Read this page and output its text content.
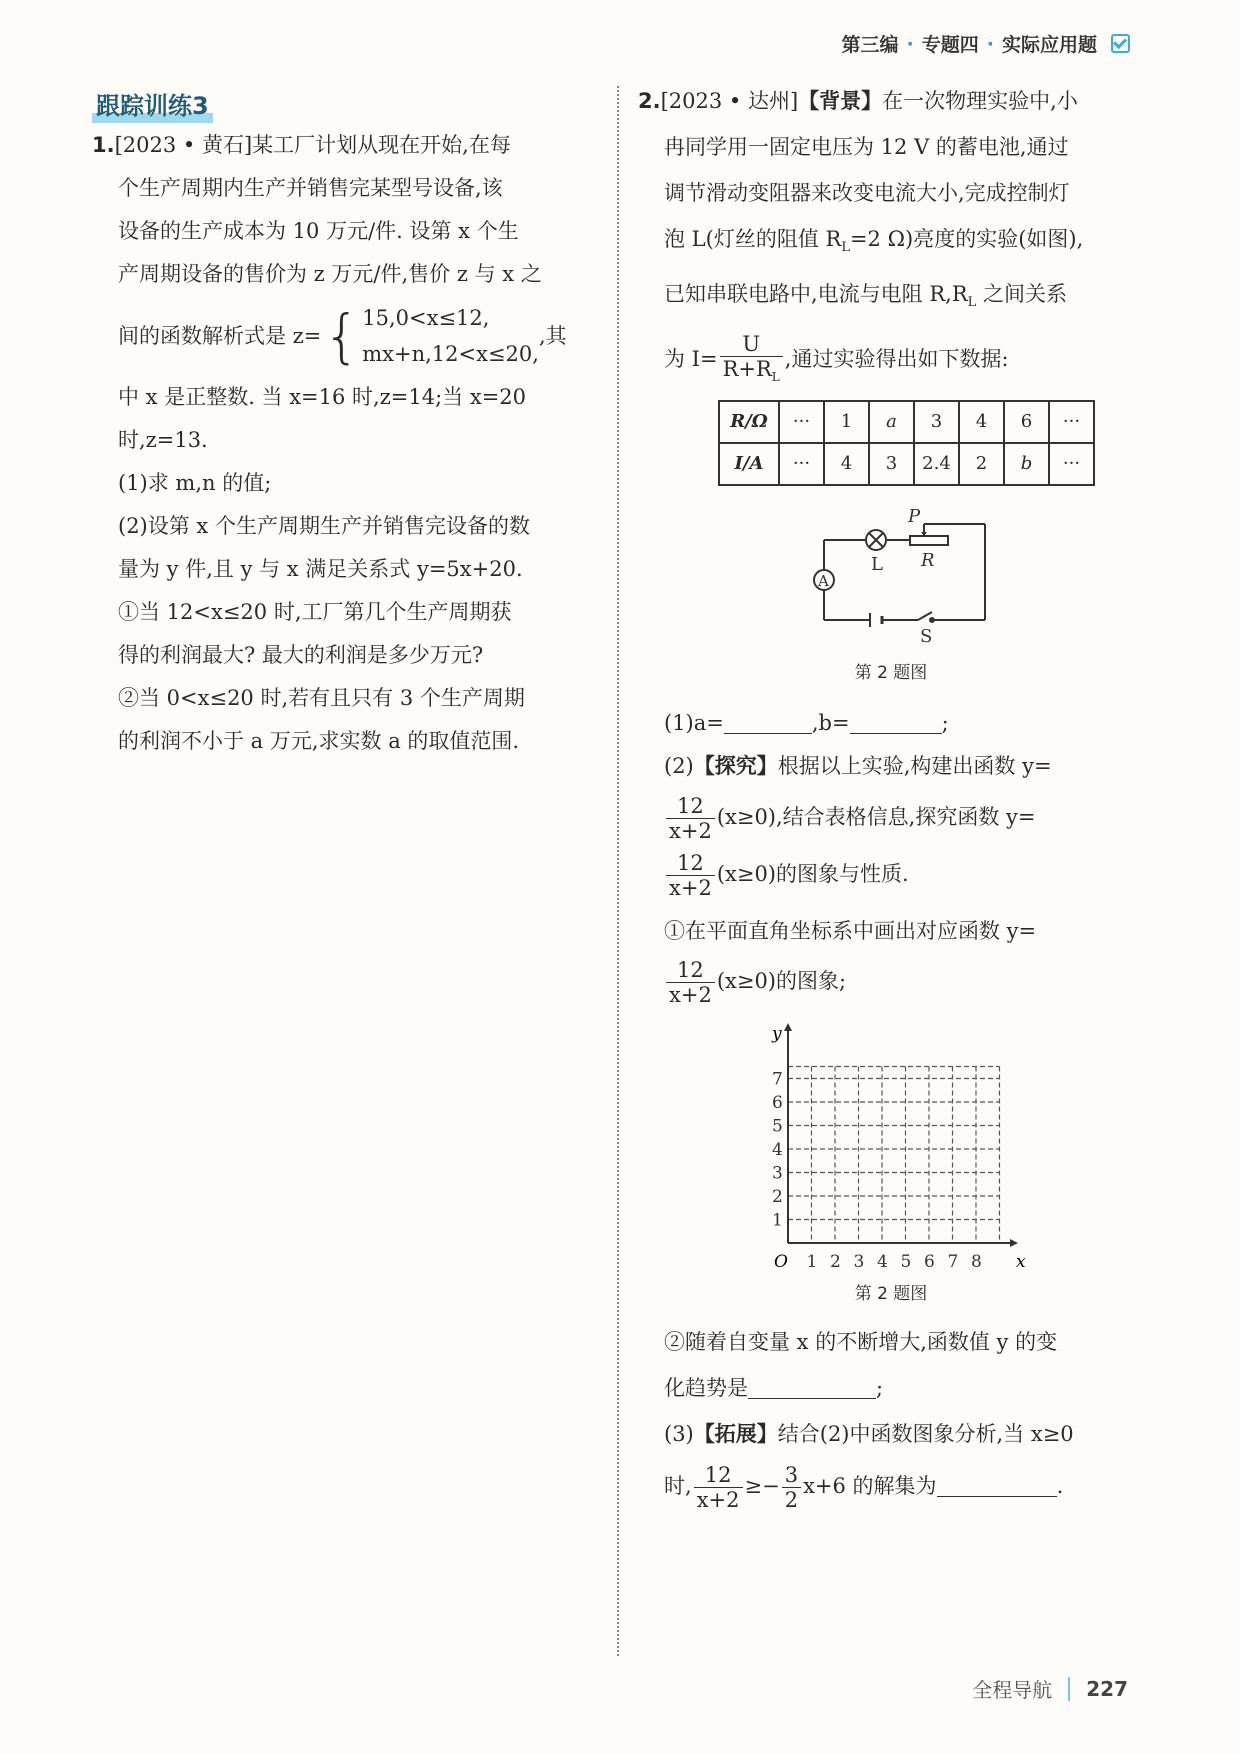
第三编 · 专题四 · 实际应用题
跟踪训练3

1.[2023 • 黄石]某工厂计划从现在开始,在每

个生产周期内生产并销售完某型号设备,该

设备的生产成本为 10 万元/件. 设第 x 个生

产周期设备的售价为 z 万元/件,售价 z 与 x 之

间的函数解析式是 z= { 15,0<x≤12,
mx+n,12<x≤20,
,其

中 x 是正整数. 当 x=16 时,z=14;当 x=20

时,z=13.

(1)求 m,n 的值;

(2)设第 x 个生产周期生产并销售完设备的数

量为 y 件,且 y 与 x 满足关系式 y=5x+20.

①当 12<x≤20 时,工厂第几个生产周期获

得的利润最大? 最大的利润是多少万元?

②当 0<x≤20 时,若有且只有 3 个生产周期

的利润不小于 a 万元,求实数 a 的取值范围.

2.[2023 • 达州]【背景】在一次物理实验中,小

冉同学用一固定电压为 12 V 的蓄电池,通过

调节滑动变阻器来改变电流大小,完成控制灯

泡 L(灯丝的阻值 $R_L=2$ Ω)亮度的实验(如图),

已知串联电路中,电流与电阻 $R,R_L$ 之间关系

为 $I= \frac{U}{R+R_L}$ ,通过实验得出如下数据:

R/Ω	···	1	a	3	4	6	···
I/A	···	4	3	2.4	2	b	···
L
P
R
A
S
第 2 题图

(1)a=	,b=	;

(2)【探究】根据以上实验,构建出函数 y=

$\frac{12}{x+2} (x\ge 0)$,结合表格信息,探究函数 y=

$\frac{12}{x+2} (x\ge 0)$的图象与性质.

①在平面直角坐标系中画出对应函数 y=

$\frac{12}{x+2} (x\ge 0)$的图象;

1 2 3 4 5 6 7 8
1
2
3
4
5
6
7
y
x
O
第 2 题图

②随着自变量 x 的不断增大,函数值 y 的变

化趋势是	;

(3)【拓展】结合(2)中函数图象分析,当 x≥0

时, $\frac{12}{x+2} \ge- \frac{3}{2} x+6$ 的解集为	.

全程导航 227
